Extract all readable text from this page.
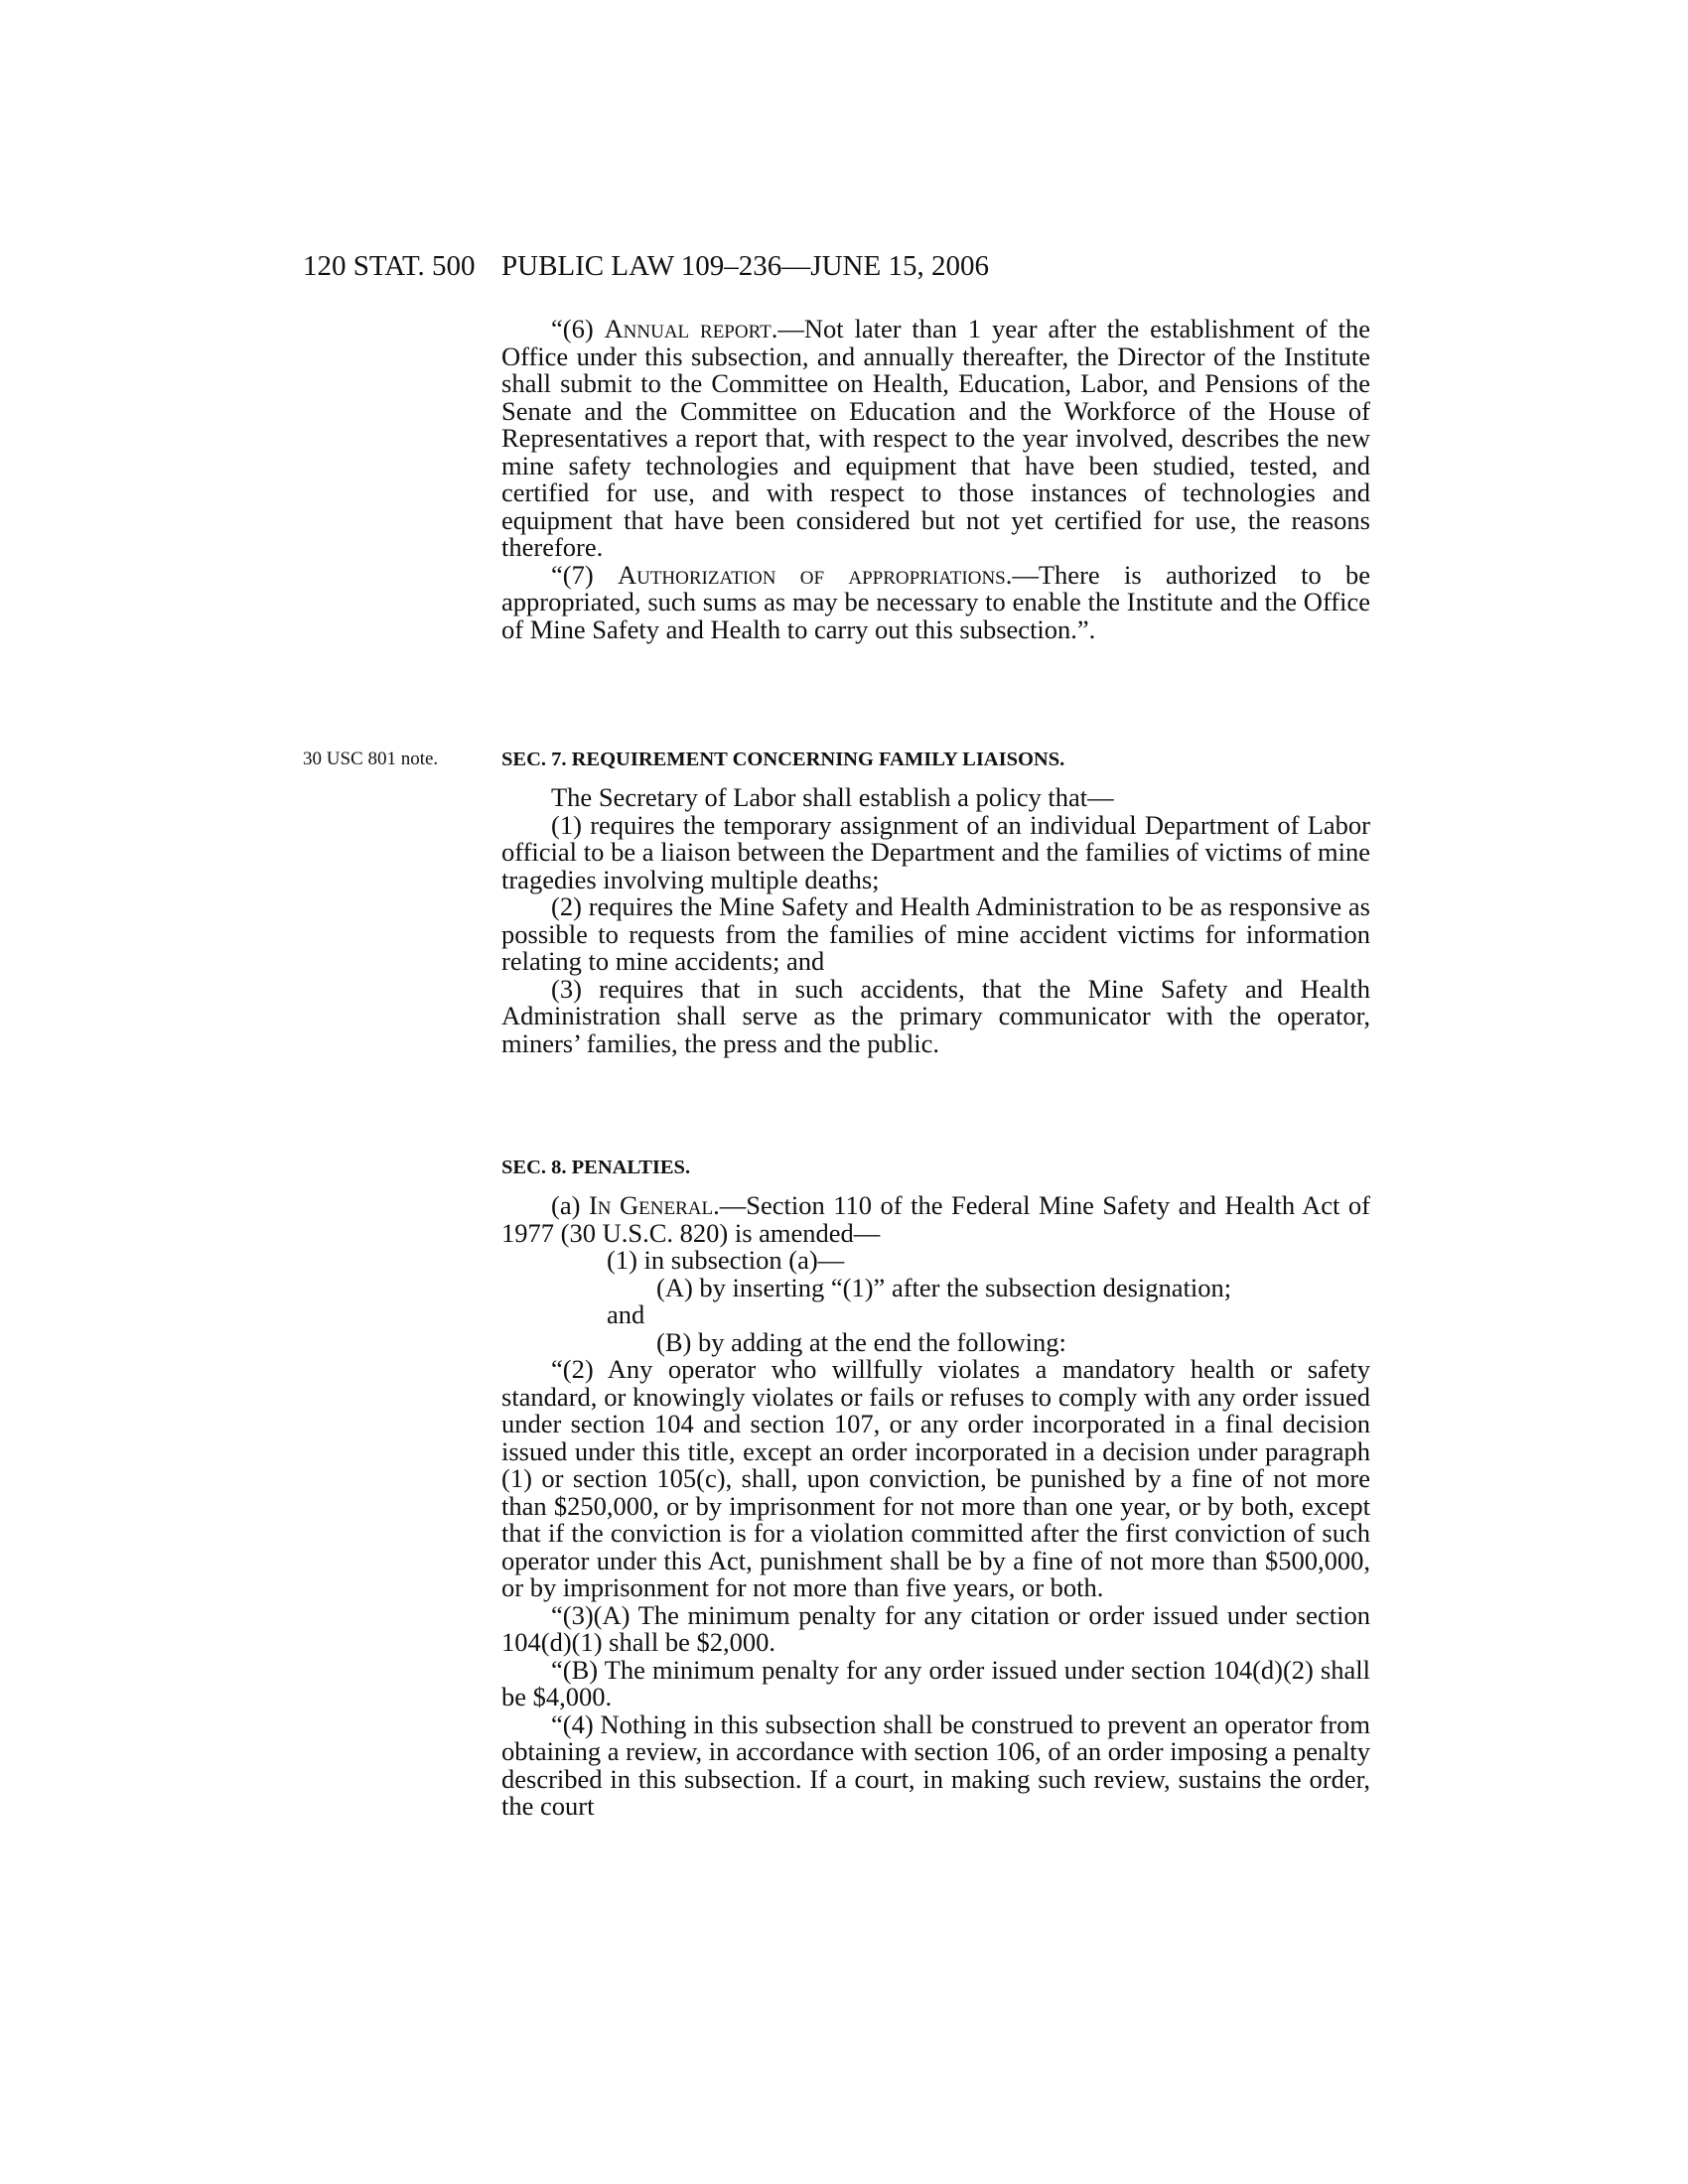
120 STAT. 500 PUBLIC LAW 109–236—JUNE 15, 2006

“(6) Annual report.—Not later than 1 year after the establishment of the Office under this subsection, and annually thereafter, the Director of the Institute shall submit to the Committee on Health, Education, Labor, and Pensions of the Senate and the Committee on Education and the Workforce of the House of Representatives a report that, with respect to the year involved, describes the new mine safety technologies and equipment that have been studied, tested, and certified for use, and with respect to those instances of technologies and equipment that have been considered but not yet certified for use, the reasons therefore.

“(7) Authorization of appropriations.—There is authorized to be appropriated, such sums as may be necessary to enable the Institute and the Office of Mine Safety and Health to carry out this subsection.”.

30 USC 801 note.	SEC. 7. REQUIREMENT CONCERNING FAMILY LIAISONS.

The Secretary of Labor shall establish a policy that—

(1) requires the temporary assignment of an individual Department of Labor official to be a liaison between the Department and the families of victims of mine tragedies involving multiple deaths;

(2) requires the Mine Safety and Health Administration to be as responsive as possible to requests from the families of mine accident victims for information relating to mine accidents; and

(3) requires that in such accidents, that the Mine Safety and Health Administration shall serve as the primary communicator with the operator, miners’ families, the press and the public.

SEC. 8. PENALTIES.

(a) In General.—Section 110 of the Federal Mine Safety and Health Act of 1977 (30 U.S.C. 820) is amended—

(1) in subsection (a)—

(A) by inserting “(1)” after the subsection designation;

and

(B) by adding at the end the following:

“(2) Any operator who willfully violates a mandatory health or safety standard, or knowingly violates or fails or refuses to comply with any order issued under section 104 and section 107, or any order incorporated in a final decision issued under this title, except an order incorporated in a decision under paragraph (1) or section 105(c), shall, upon conviction, be punished by a fine of not more than $250,000, or by imprisonment for not more than one year, or by both, except that if the conviction is for a violation committed after the first conviction of such operator under this Act, punishment shall be by a fine of not more than $500,000, or by imprisonment for not more than five years, or both.

“(3)(A) The minimum penalty for any citation or order issued under section 104(d)(1) shall be $2,000.

“(B) The minimum penalty for any order issued under section 104(d)(2) shall be $4,000.

“(4) Nothing in this subsection shall be construed to prevent an operator from obtaining a review, in accordance with section 106, of an order imposing a penalty described in this subsection. If a court, in making such review, sustains the order, the court
